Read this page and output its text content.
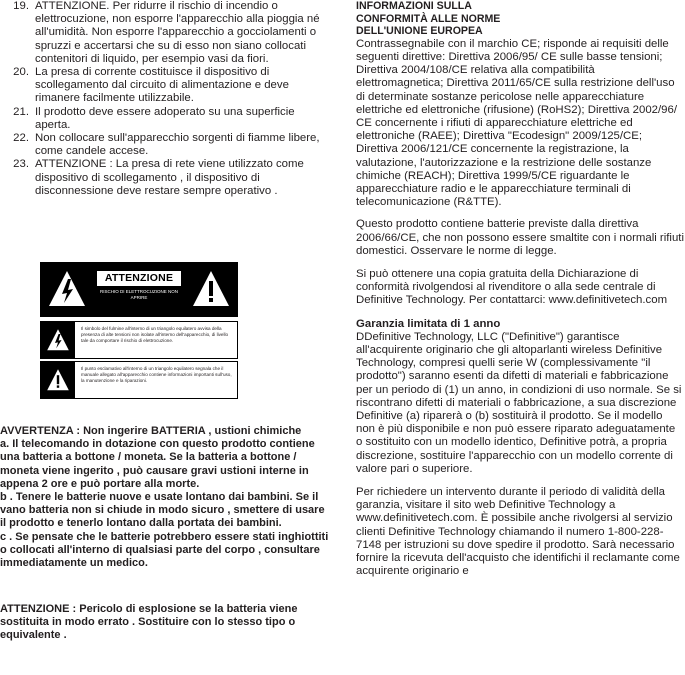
19. ATTENZIONE. Per ridurre il rischio di incendio o elettrocuzione, non esporre l'apparecchio alla pioggia né all'umidità. Non esporre l'apparecchio a gocciolamenti o spruzzi e accertarsi che su di esso non siano collocati contenitori di liquido, per esempio vasi da fiori.
20. La presa di corrente costituisce il dispositivo di scollegamento dal circuito di alimentazione e deve rimanere facilmente utilizzabile.
21. Il prodotto deve essere adoperato su una superficie aperta.
22. Non collocare sull'apparecchio sorgenti di fiamme libere, come candele accese.
23. ATTENZIONE : La presa di rete viene utilizzato come dispositivo di scollegamento , il dispositivo di disconnessione deve restare sempre operativo .
ATTENZIONE
RISCHIO DI ELETTROCUZIONE NON APRIRE
Il simbolo del fulmine all'interno di un triangolo equilatero avvisa della presenza di alte tensioni non isolate all'interno dell'apparecchio, di livello tale da comportare il rischio di elettrocuzione.
Il punto esclamativo all'interno di un triangolo equilatero segnala che il manuale allegato all'apparecchio contiene informazioni importanti sull'uso, la manutenzione e la riparazioni.

AVVERTENZA : Non ingerire BATTERIA , ustioni chimiche

a. Il telecomando in dotazione con questo prodotto contiene una batteria a bottone / moneta. Se la batteria a bottone / moneta viene ingerito , può causare gravi ustioni interne in appena 2 ore e può portare alla morte.

b . Tenere le batterie nuove e usate lontano dai bambini. Se il vano batteria non si chiude in modo sicuro , smettere di usare il prodotto e tenerlo lontano dalla portata dei bambini.

c . Se pensate che le batterie potrebbero essere stati inghiottiti o collocati all'interno di qualsiasi parte del corpo , consultare immediatamente un medico.

ATTENZIONE : Pericolo di esplosione se la batteria viene sostituita in modo errato . Sostituire con lo stesso tipo o equivalente .

INFORMAZIONI SULLA CONFORMITÀ ALLE NORME DELL'UNIONE EUROPEA
Contrassegnabile con il marchio CE; risponde ai requisiti delle seguenti direttive: Direttiva 2006/95/ CE sulle basse tensioni; Direttiva 2004/108/CE relativa alla compatibilità elettromagnetica; Direttiva 2011/65/CE sulla restrizione dell'uso di determinate sostanze pericolose nelle apparecchiature elettriche ed elettroniche (rifusione) (RoHS2); Direttiva 2002/96/ CE concernente i rifiuti di apparecchiature elettriche ed elettroniche (RAEE); Direttiva "Ecodesign" 2009/125/CE; Direttiva 2006/121/CE concernente la registrazione, la valutazione, l'autorizzazione e la restrizione delle sostanze chimiche (REACH); Direttiva 1999/5/CE riguardante le apparecchiature radio e le apparecchiature terminali di telecomunicazione (R&TTE).

Questo prodotto contiene batterie previste dalla direttiva 2006/66/CE, che non possono essere smaltite con i normali rifiuti domestici. Osservare le norme di legge.

Si può ottenere una copia gratuita della Dichiarazione di conformità rivolgendosi al rivenditore o alla sede centrale di Definitive Technology. Per contattarci: www.definitivetech.com

Garanzia limitata di 1 anno
DDefinitive Technology, LLC ("Definitive") garantisce all'acquirente originario che gli altoparlanti wireless Definitive Technology, compresi quelli serie W (complessivamente "il prodotto") saranno esenti da difetti di materiali e fabbricazione per un periodo di (1) un anno, in condizioni di uso normale. Se si riscontrano difetti di materiali o fabbricazione, a sua discrezione Definitive (a) riparerà o (b) sostituirà il prodotto. Se il modello non è più disponibile e non può essere riparato adeguatamente o sostituito con un modello identico, Definitive potrà, a propria discrezione, sostituire l'apparecchio con un modello corrente di valore pari o superiore.

Per richiedere un intervento durante il periodo di validità della garanzia, visitare il sito web Definitive Technology a www.definitivetech.com. È possibile anche rivolgersi al servizio clienti Definitive Technology chiamando il numero 1-800-228-7148 per istruzioni su dove spedire il prodotto. Sarà necessario fornire la ricevuta dell'acquisto che identifichi il reclamante come acquirente originario e
